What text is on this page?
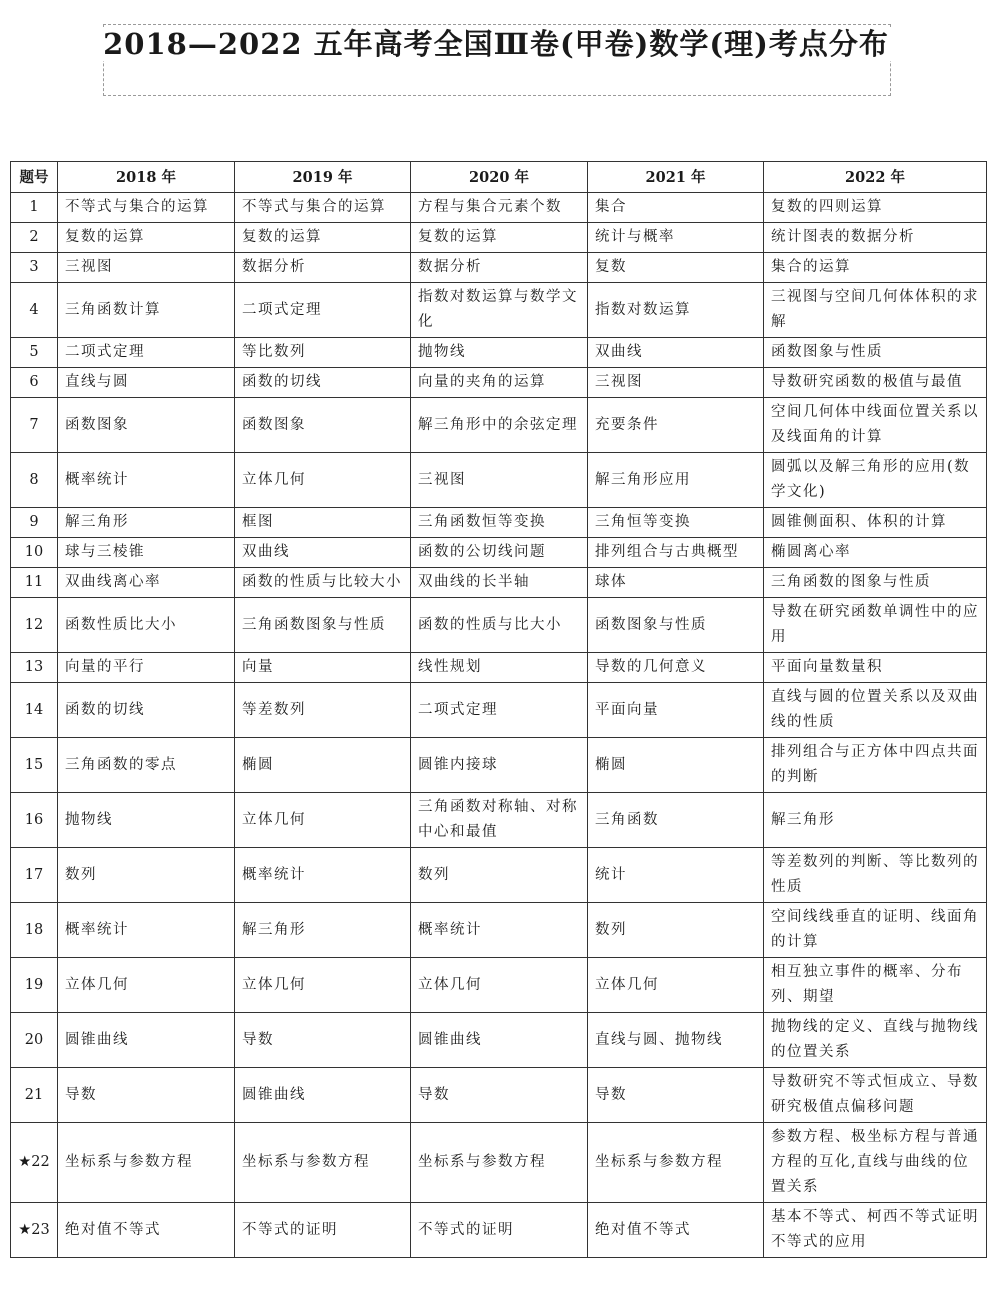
2018—2022 五年高考全国Ⅲ卷(甲卷)数学(理)考点分布
题号	2018 年	2019 年	2020 年	2021 年	2022 年
1	不等式与集合的运算	不等式与集合的运算	方程与集合元素个数	集合	复数的四则运算
2	复数的运算	复数的运算	复数的运算	统计与概率	统计图表的数据分析
3	三视图	数据分析	数据分析	复数	集合的运算
4	三角函数计算	二项式定理	指数对数运算与数学文化	指数对数运算	三视图与空间几何体体积的求解
5	二项式定理	等比数列	抛物线	双曲线	函数图象与性质
6	直线与圆	函数的切线	向量的夹角的运算	三视图	导数研究函数的极值与最值
7	函数图象	函数图象	解三角形中的余弦定理	充要条件	空间几何体中线面位置关系以及线面角的计算
8	概率统计	立体几何	三视图	解三角形应用	圆弧以及解三角形的应用(数学文化)
9	解三角形	框图	三角函数恒等变换	三角恒等变换	圆锥侧面积、体积的计算
10	球与三棱锥	双曲线	函数的公切线问题	排列组合与古典概型	椭圆离心率
11	双曲线离心率	函数的性质与比较大小	双曲线的长半轴	球体	三角函数的图象与性质
12	函数性质比大小	三角函数图象与性质	函数的性质与比大小	函数图象与性质	导数在研究函数单调性中的应用
13	向量的平行	向量	线性规划	导数的几何意义	平面向量数量积
14	函数的切线	等差数列	二项式定理	平面向量	直线与圆的位置关系以及双曲线的性质
15	三角函数的零点	椭圆	圆锥内接球	椭圆	排列组合与正方体中四点共面的判断
16	抛物线	立体几何	三角函数对称轴、对称中心和最值	三角函数	解三角形
17	数列	概率统计	数列	统计	等差数列的判断、等比数列的性质
18	概率统计	解三角形	概率统计	数列	空间线线垂直的证明、线面角的计算
19	立体几何	立体几何	立体几何	立体几何	相互独立事件的概率、分布列、期望
20	圆锥曲线	导数	圆锥曲线	直线与圆、抛物线	抛物线的定义、直线与抛物线的位置关系
21	导数	圆锥曲线	导数	导数	导数研究不等式恒成立、导数研究极值点偏移问题
★22	坐标系与参数方程	坐标系与参数方程	坐标系与参数方程	坐标系与参数方程	参数方程、极坐标方程与普通方程的互化,直线与曲线的位置关系
★23	绝对值不等式	不等式的证明	不等式的证明	绝对值不等式	基本不等式、柯西不等式证明不等式的应用
